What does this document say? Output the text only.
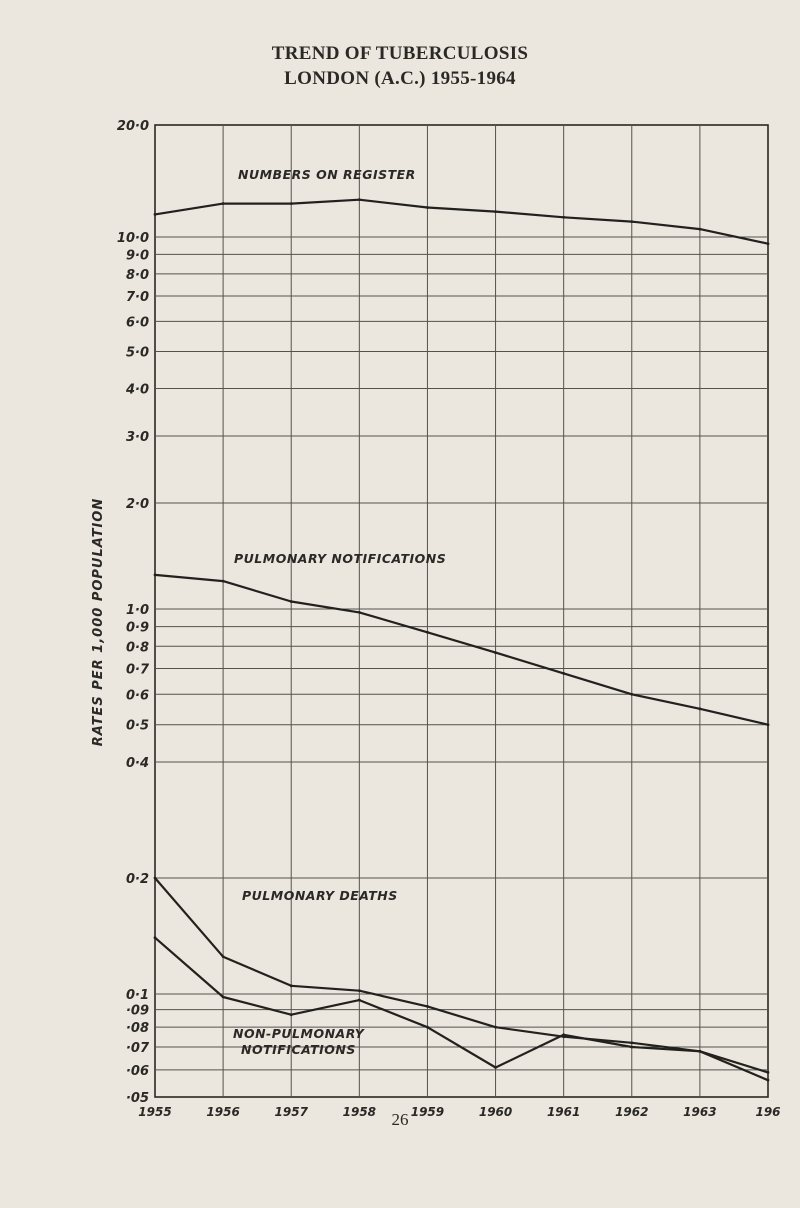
TREND OF TUBERCULOSIS
LONDON (A.C.) 1955-1964
1955	1956	1957	1958	1959	1960	1961	1962	1963	196
20·0
10·0
9·0
8·0
7·0
6·0
5·0
4·0
3·0
2·0
1·0
0·9
0·8
0·7
0·6
0·5
0·4
0·2
0·1
·09
·08
·07
·06
·05
NUMBERS ON REGISTER
PULMONARY NOTIFICATIONS
PULMONARY DEATHS
NON-PULMONARY
NOTIFICATIONS
RATES PER 1,000 POPULATION
26
